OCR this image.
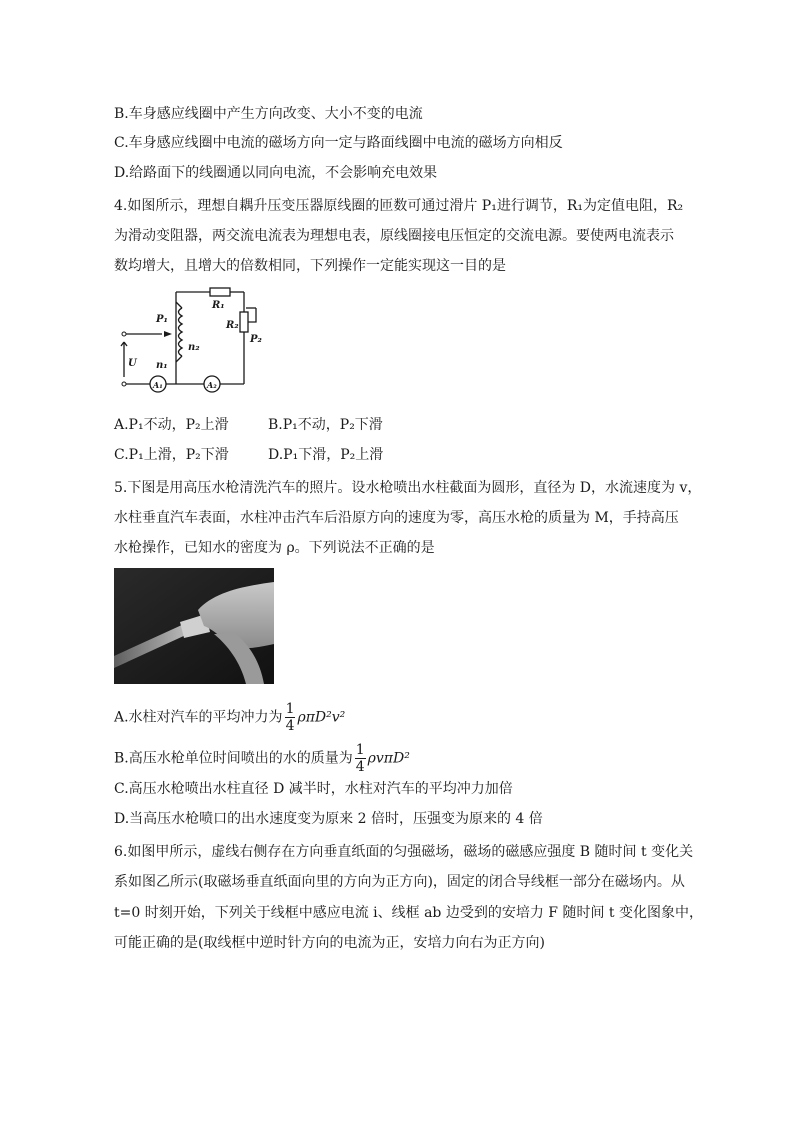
B.车身感应线圈中产生方向改变、大小不变的电流
C.车身感应线圈中电流的磁场方向一定与路面线圈中电流的磁场方向相反
D.给路面下的线圈通以同向电流，不会影响充电效果
4.如图所示，理想自耦升压变压器原线圈的匝数可通过滑片 P₁进行调节，R₁为定值电阻，R₂
为滑动变阻器，两交流电流表为理想电表，原线圈接电压恒定的交流电源。要使两电流表示
数均增大，且增大的倍数相同，下列操作一定能实现这一目的是
P₁
n₂
n₁
U
R₁
R₂
P₂
A₁	A₂
A.P₁不动，P₂上滑	B.P₁不动，P₂下滑
C.P₁上滑，P₂下滑	D.P₁下滑，P₂上滑
5.下图是用高压水枪清洗汽车的照片。设水枪喷出水柱截面为圆形，直径为 D，水流速度为 v，
水柱垂直汽车表面，水柱冲击汽车后沿原方向的速度为零，高压水枪的质量为 M，手持高压
水枪操作，已知水的密度为 ρ。下列说法不正确的是
A.水柱对汽车的平均冲力为 $\frac{1}{4} \rho\pi D^2v^2$
B.高压水枪单位时间喷出的水的质量为 $\frac{1}{4} \rho v\pi D^2$
C.高压水枪喷出水柱直径 D 减半时，水柱对汽车的平均冲力加倍
D.当高压水枪喷口的出水速度变为原来 2 倍时，压强变为原来的 4 倍
6.如图甲所示，虚线右侧存在方向垂直纸面的匀强磁场，磁场的磁感应强度 B 随时间 t 变化关
系如图乙所示(取磁场垂直纸面向里的方向为正方向)，固定的闭合导线框一部分在磁场内。从
t=0 时刻开始，下列关于线框中感应电流 i、线框 ab 边受到的安培力 F 随时间 t 变化图象中，
可能正确的是(取线框中逆时针方向的电流为正，安培力向右为正方向)
